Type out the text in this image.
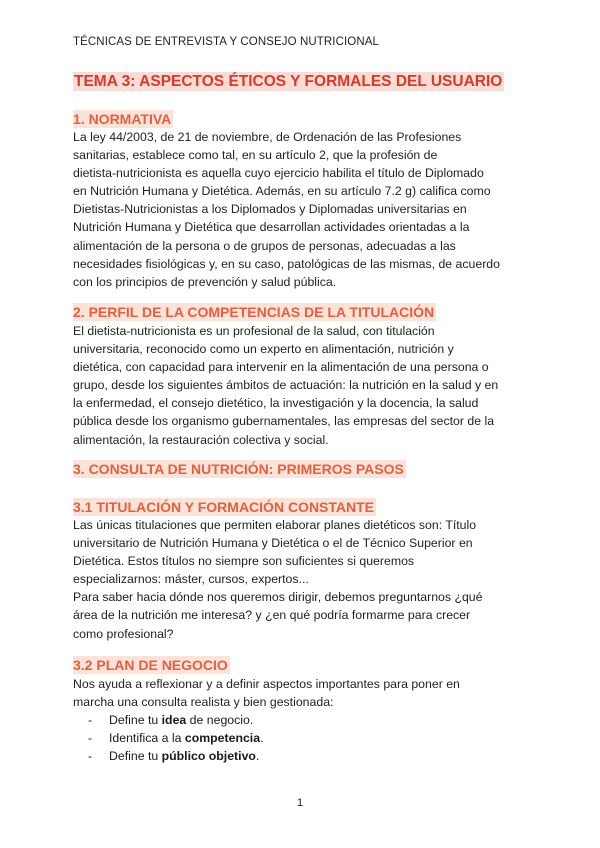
TÉCNICAS DE ENTREVISTA Y CONSEJO NUTRICIONAL
TEMA 3: ASPECTOS ÉTICOS Y FORMALES DEL USUARIO
1. NORMATIVA
La ley 44/2003, de 21 de noviembre, de Ordenación de las Profesiones
sanitarias, establece como tal, en su artículo 2, que la profesión de
dietista-nutricionista es aquella cuyo ejercicio habilita el título de Diplomado
en Nutrición Humana y Dietética. Además, en su artículo 7.2 g) califica como
Dietistas-Nutricionistas a los Diplomados y Diplomadas universitarias en
Nutrición Humana y Dietética que desarrollan actividades orientadas a la
alimentación de la persona o de grupos de personas, adecuadas a las
necesidades fisiológicas y, en su caso, patológicas de las mismas, de acuerdo
con los principios de prevención y salud pública.
2. PERFIL DE LA COMPETENCIAS DE LA TITULACIÓN
El dietista-nutricionista es un profesional de la salud, con titulación
universitaria, reconocido como un experto en alimentación, nutrición y
dietética, con capacidad para intervenir en la alimentación de una persona o
grupo, desde los siguientes ámbitos de actuación: la nutrición en la salud y en
la enfermedad, el consejo dietético, la investigación y la docencia, la salud
pública desde los organismo gubernamentales, las empresas del sector de la
alimentación, la restauración colectiva y social.
3. CONSULTA DE NUTRICIÓN: PRIMEROS PASOS
3.1 TITULACIÓN Y FORMACIÓN CONSTANTE
Las únicas titulaciones que permiten elaborar planes dietéticos son: Título
universitario de Nutrición Humana y Dietética o el de Técnico Superior en
Dietética. Estos títulos no siempre son suficientes si queremos
especializarnos: máster, cursos, expertos...
Para saber hacia dónde nos queremos dirigir, debemos preguntarnos ¿qué
área de la nutrición me interesa? y ¿en qué podría formarme para crecer
como profesional?
3.2 PLAN DE NEGOCIO
Nos ayuda a reflexionar y a definir aspectos importantes para poner en
marcha una consulta realista y bien gestionada:
- Define tu idea de negocio.
- Identifica a la competencia.
- Define tu público objetivo.
1
